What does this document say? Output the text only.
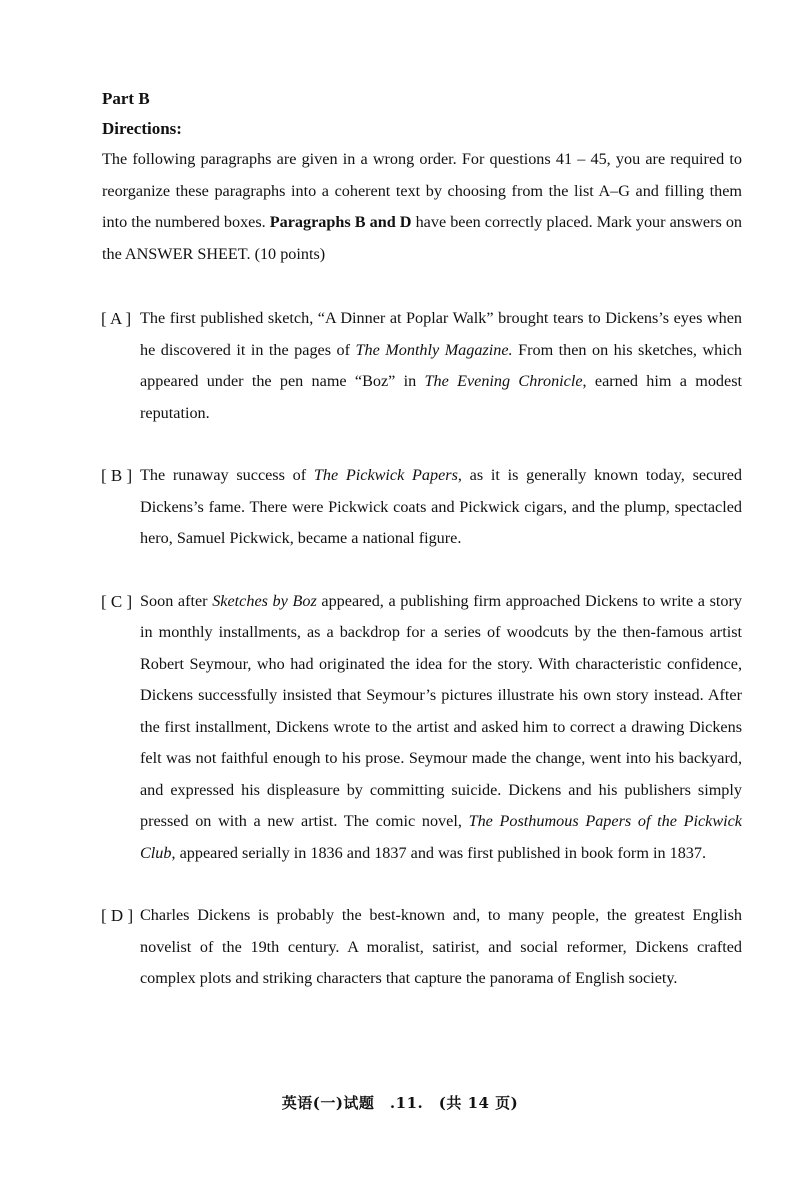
Part B

Directions:

The following paragraphs are given in a wrong order. For questions 41 – 45, you are required to reorganize these paragraphs into a coherent text by choosing from the list A–G and filling them into the numbered boxes. Paragraphs B and D have been correctly placed. Mark your answers on the ANSWER SHEET. (10 points)

[ A ] The first published sketch, “A Dinner at Poplar Walk” brought tears to Dickens’s eyes when he discovered it in the pages of The Monthly Magazine. From then on his sketches, which appeared under the pen name “Boz” in The Evening Chronicle, earned him a modest reputation.

[ B ] The runaway success of The Pickwick Papers, as it is generally known today, secured Dickens’s fame. There were Pickwick coats and Pickwick cigars, and the plump, spectacled hero, Samuel Pickwick, became a national figure.

[ C ] Soon after Sketches by Boz appeared, a publishing firm approached Dickens to write a story in monthly installments, as a backdrop for a series of woodcuts by the then-famous artist Robert Seymour, who had originated the idea for the story. With characteristic confidence, Dickens successfully insisted that Seymour’s pictures illustrate his own story instead. After the first installment, Dickens wrote to the artist and asked him to correct a drawing Dickens felt was not faithful enough to his prose. Seymour made the change, went into his backyard, and expressed his displeasure by committing suicide. Dickens and his publishers simply pressed on with a new artist. The comic novel, The Posthumous Papers of the Pickwick Club, appeared serially in 1836 and 1837 and was first published in book form in 1837.

[ D ] Charles Dickens is probably the best-known and, to many people, the greatest English novelist of the 19th century. A moralist, satirist, and social reformer, Dickens crafted complex plots and striking characters that capture the panorama of English society.

英语(一)试题　.11.　(共 14 页)
